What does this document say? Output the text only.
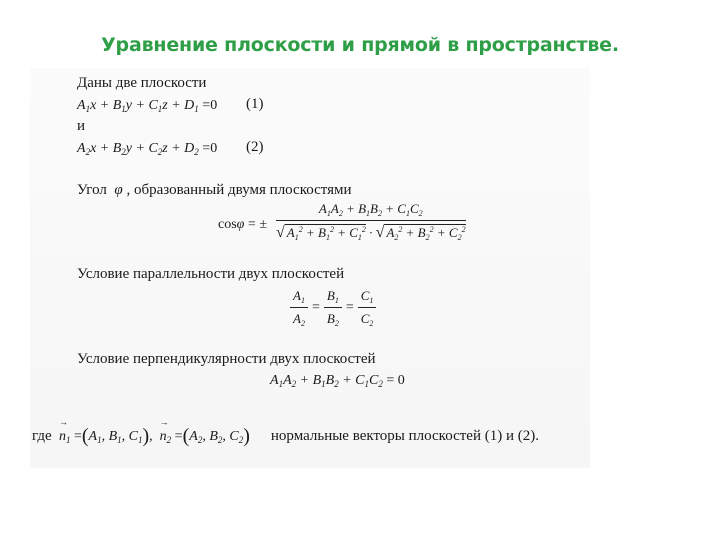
Уравнение плоскости и прямой в пространстве.
Даны две плоскости
$A_1x + B_1y + C_1z + D_1 =0$ (1)
и
$A_2x + B_2y + C_2z + D_2 =0$ (2)
Угол  φ , образованный двумя плоскостями
cosφ = ±
$A_1A_2 + B_1B_2 + C_1C_2$
√ $A_1^2 + B_1^2 + C_1^2$ · √ $A_2^2 + B_2^2 + C_2^2$
Условие параллельности двух плоскостей
$\frac{A_1}{A_2} = \frac{B_1}{B_2} = \frac{C_1}{C_2}$
Условие перпендикулярности двух плоскостей
$A_1A_2 + B_1B_2 + C_1C_2 = 0$
где  → $n_1 =(A_1$, $B_1$, $C_1$),  → $n_2 =(A_2$, $B_2$, $C_2$) нормальные векторы плоскостей (1) и (2).
